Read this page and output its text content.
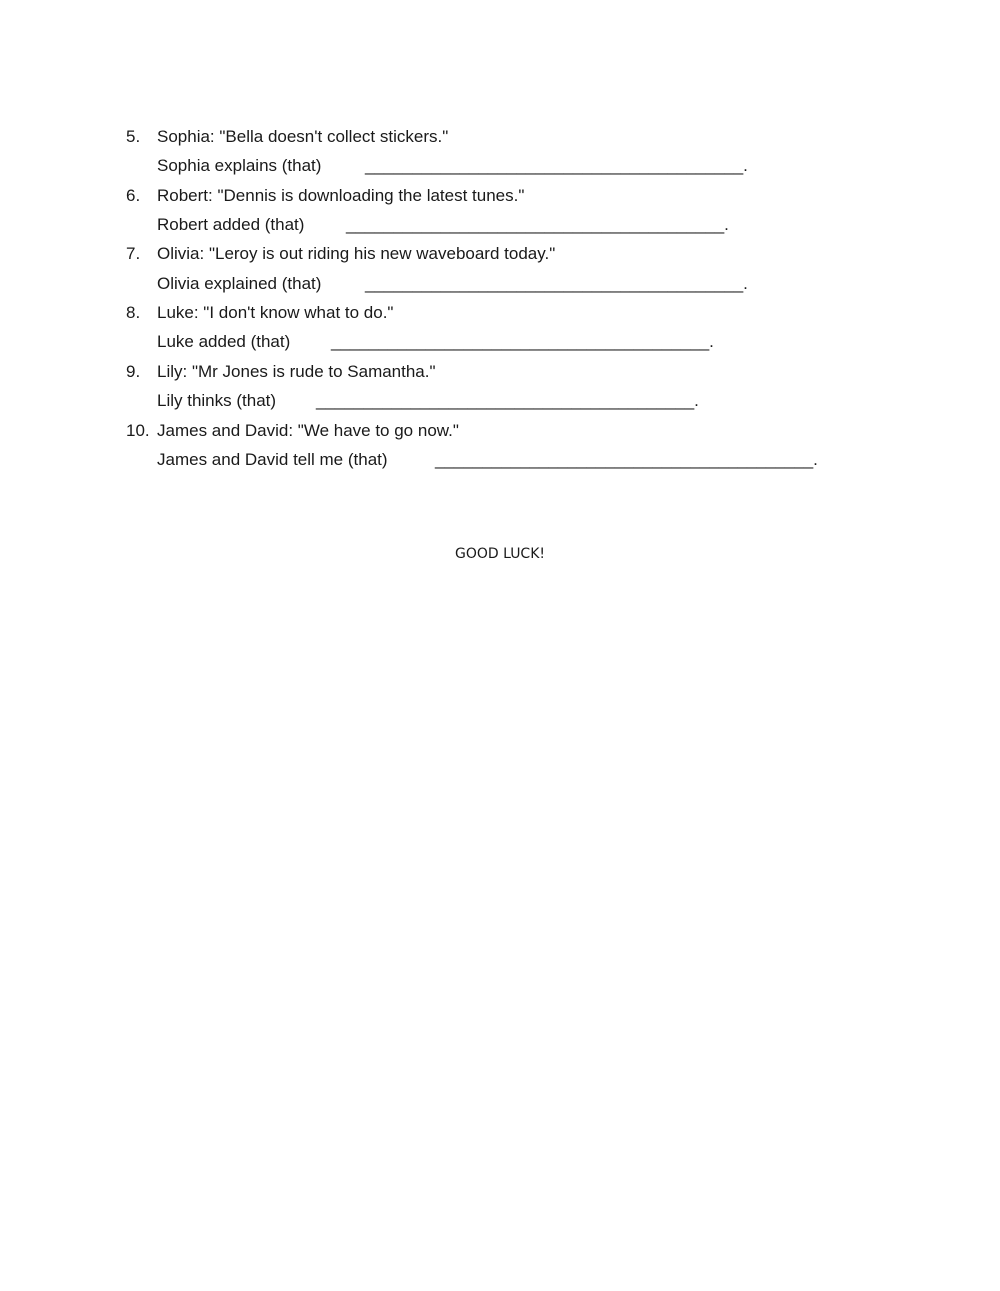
5. Sophia: "Bella doesn't collect stickers."
Sophia explains (that)	________________________________________.
6. Robert: "Dennis is downloading the latest tunes."
Robert added (that) ________________________________________.
7. Olivia: "Leroy is out riding his new waveboard today."
Olivia explained (that)	________________________________________.
8. Luke: "I don't know what to do."
Luke added (that) ________________________________________.
9. Lily: "Mr Jones is rude to Samantha."
Lily thinks (that) ________________________________________.
10. James and David: "We have to go now."
James and David tell me (that)	________________________________________.
GOOD LUCK!
